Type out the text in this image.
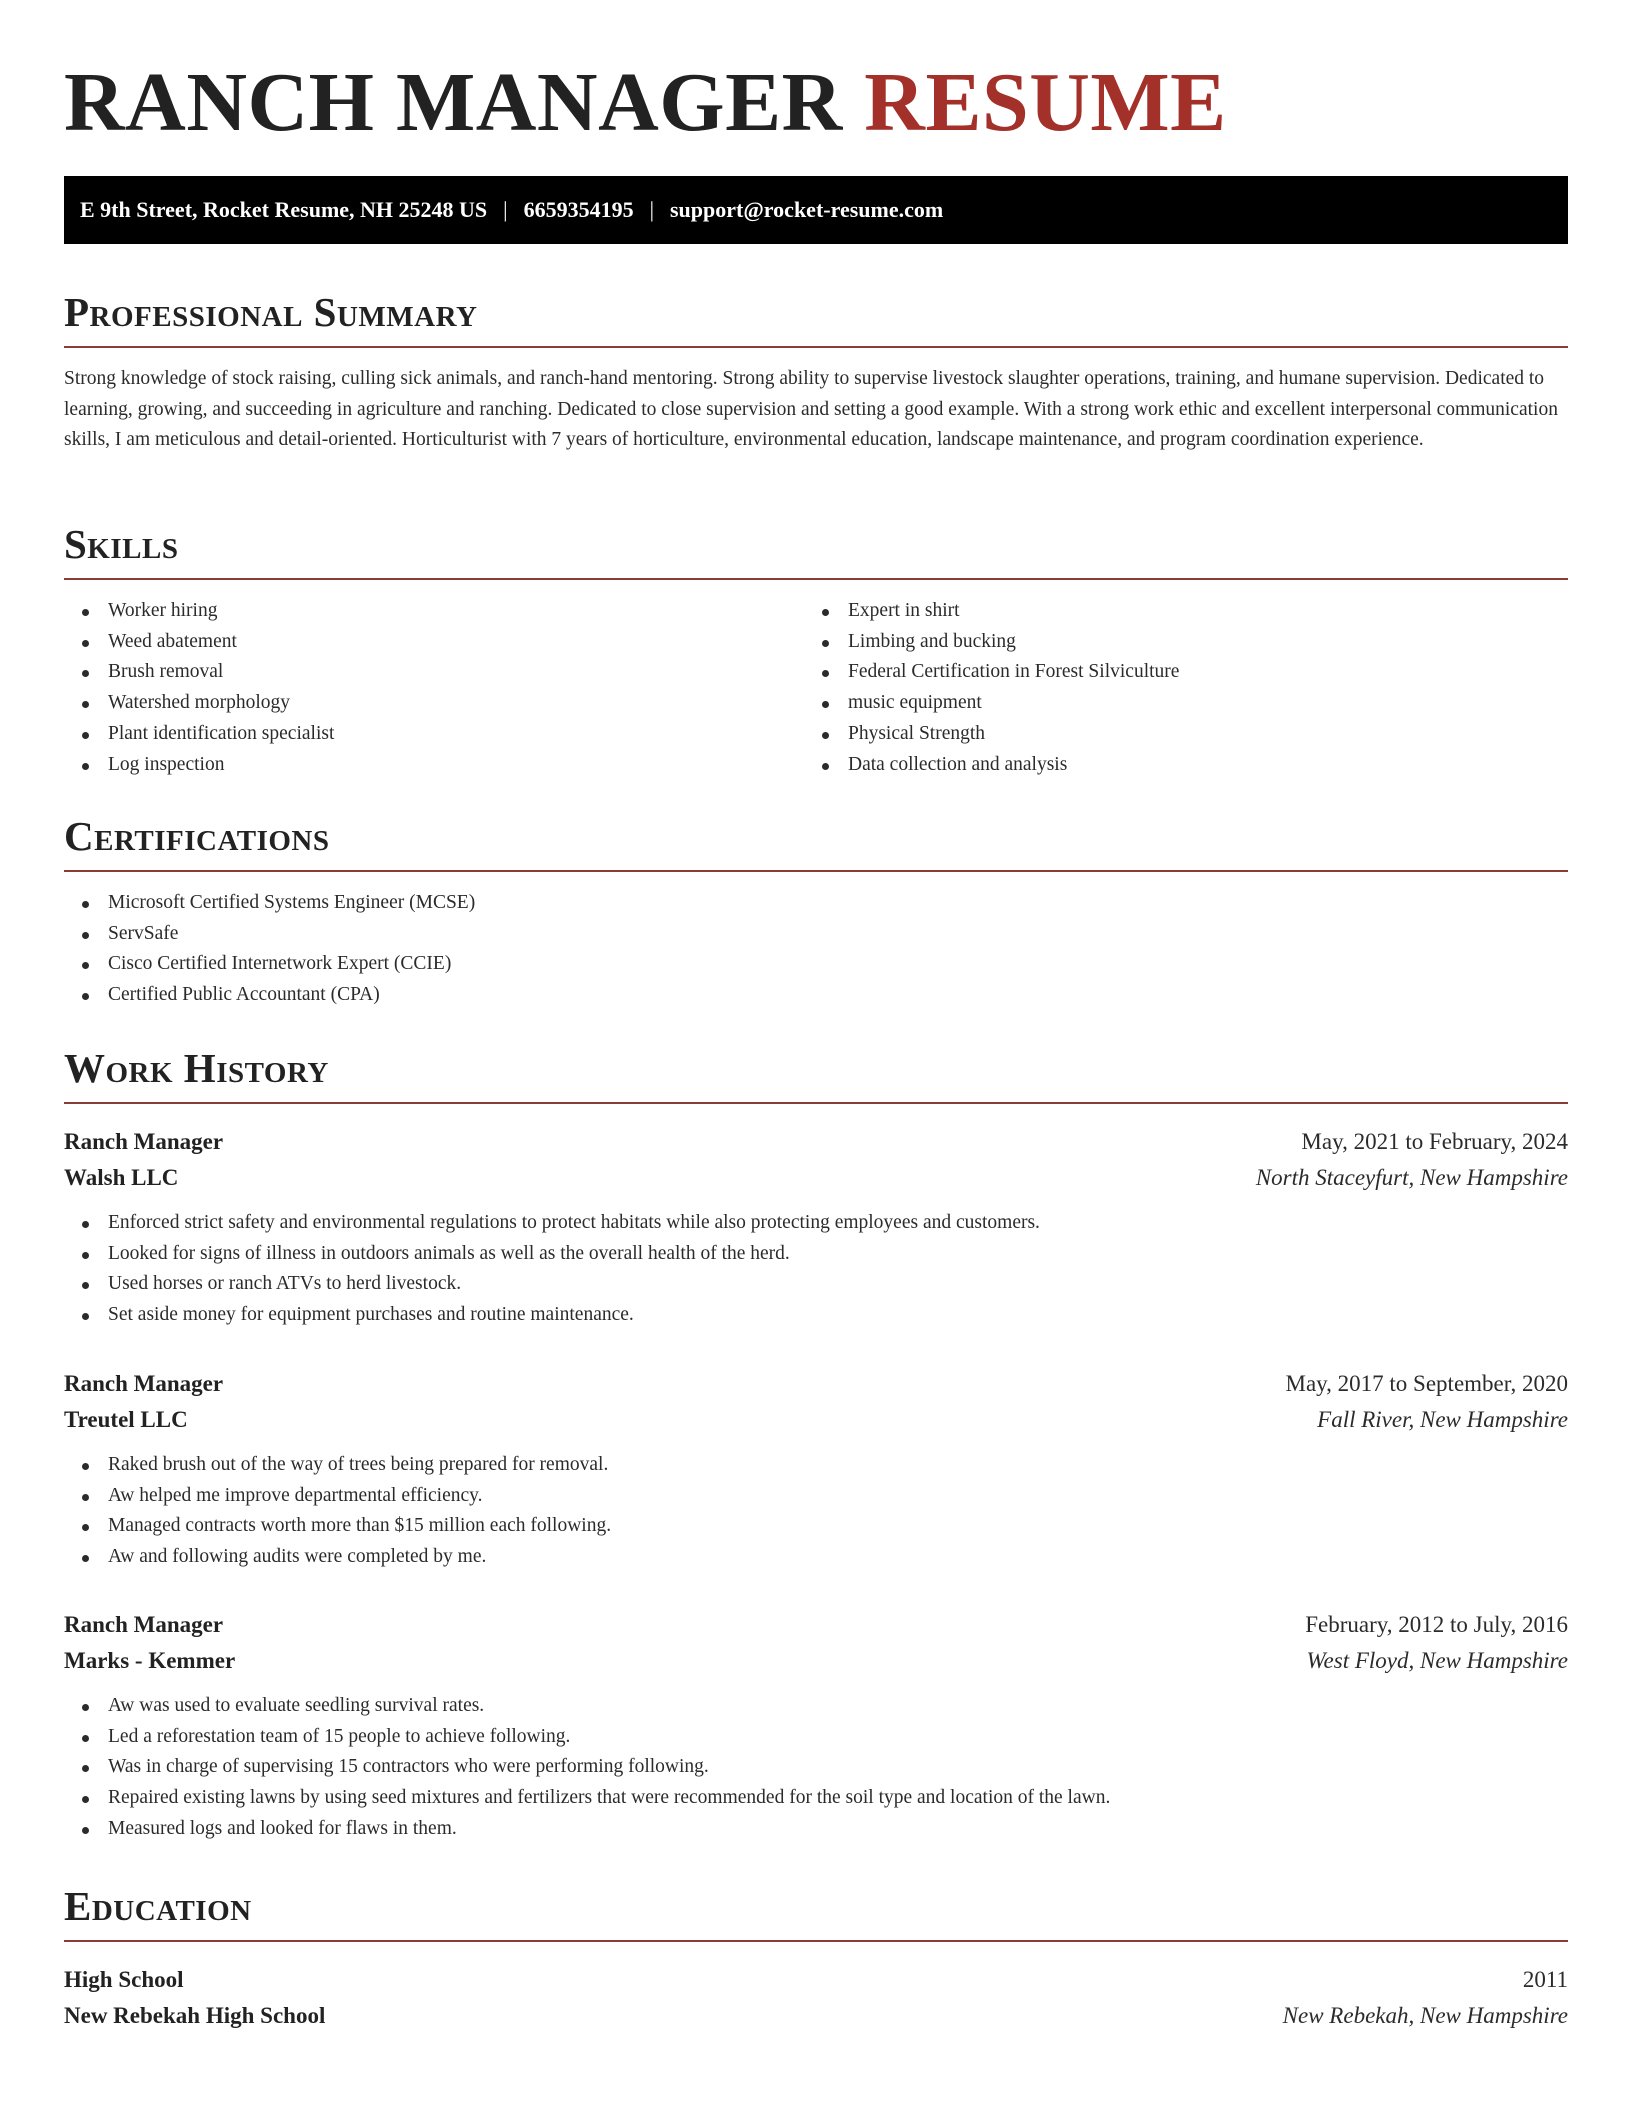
RANCH MANAGER RESUME
E 9th Street, Rocket Resume, NH 25248 US | 6659354195 | support@rocket-resume.com
Professional Summary

Strong knowledge of stock raising, culling sick animals, and ranch-hand mentoring. Strong ability to supervise livestock slaughter operations, training, and humane supervision. Dedicated to learning, growing, and succeeding in agriculture and ranching. Dedicated to close supervision and setting a good example. With a strong work ethic and excellent interpersonal communication skills, I am meticulous and detail-oriented. Horticulturist with 7 years of horticulture, environmental education, landscape maintenance, and program coordination experience.

Skills
Worker hiring
Weed abatement
Brush removal
Watershed morphology
Plant identification specialist
Log inspection
Expert in shirt
Limbing and bucking
Federal Certification in Forest Silviculture
music equipment
Physical Strength
Data collection and analysis
Certifications
Microsoft Certified Systems Engineer (MCSE)
ServSafe
Cisco Certified Internetwork Expert (CCIE)
Certified Public Accountant (CPA)
Work History
Ranch Manager	May, 2021 to February, 2024
Walsh LLC	North Staceyfurt, New Hampshire
Enforced strict safety and environmental regulations to protect habitats while also protecting employees and customers.
Looked for signs of illness in outdoors animals as well as the overall health of the herd.
Used horses or ranch ATVs to herd livestock.
Set aside money for equipment purchases and routine maintenance.
Ranch Manager	May, 2017 to September, 2020
Treutel LLC	Fall River, New Hampshire
Raked brush out of the way of trees being prepared for removal.
Aw helped me improve departmental efficiency.
Managed contracts worth more than $15 million each following.
Aw and following audits were completed by me.
Ranch Manager	February, 2012 to July, 2016
Marks - Kemmer	West Floyd, New Hampshire
Aw was used to evaluate seedling survival rates.
Led a reforestation team of 15 people to achieve following.
Was in charge of supervising 15 contractors who were performing following.
Repaired existing lawns by using seed mixtures and fertilizers that were recommended for the soil type and location of the lawn.
Measured logs and looked for flaws in them.
Education
High School	2011
New Rebekah High School	New Rebekah, New Hampshire
